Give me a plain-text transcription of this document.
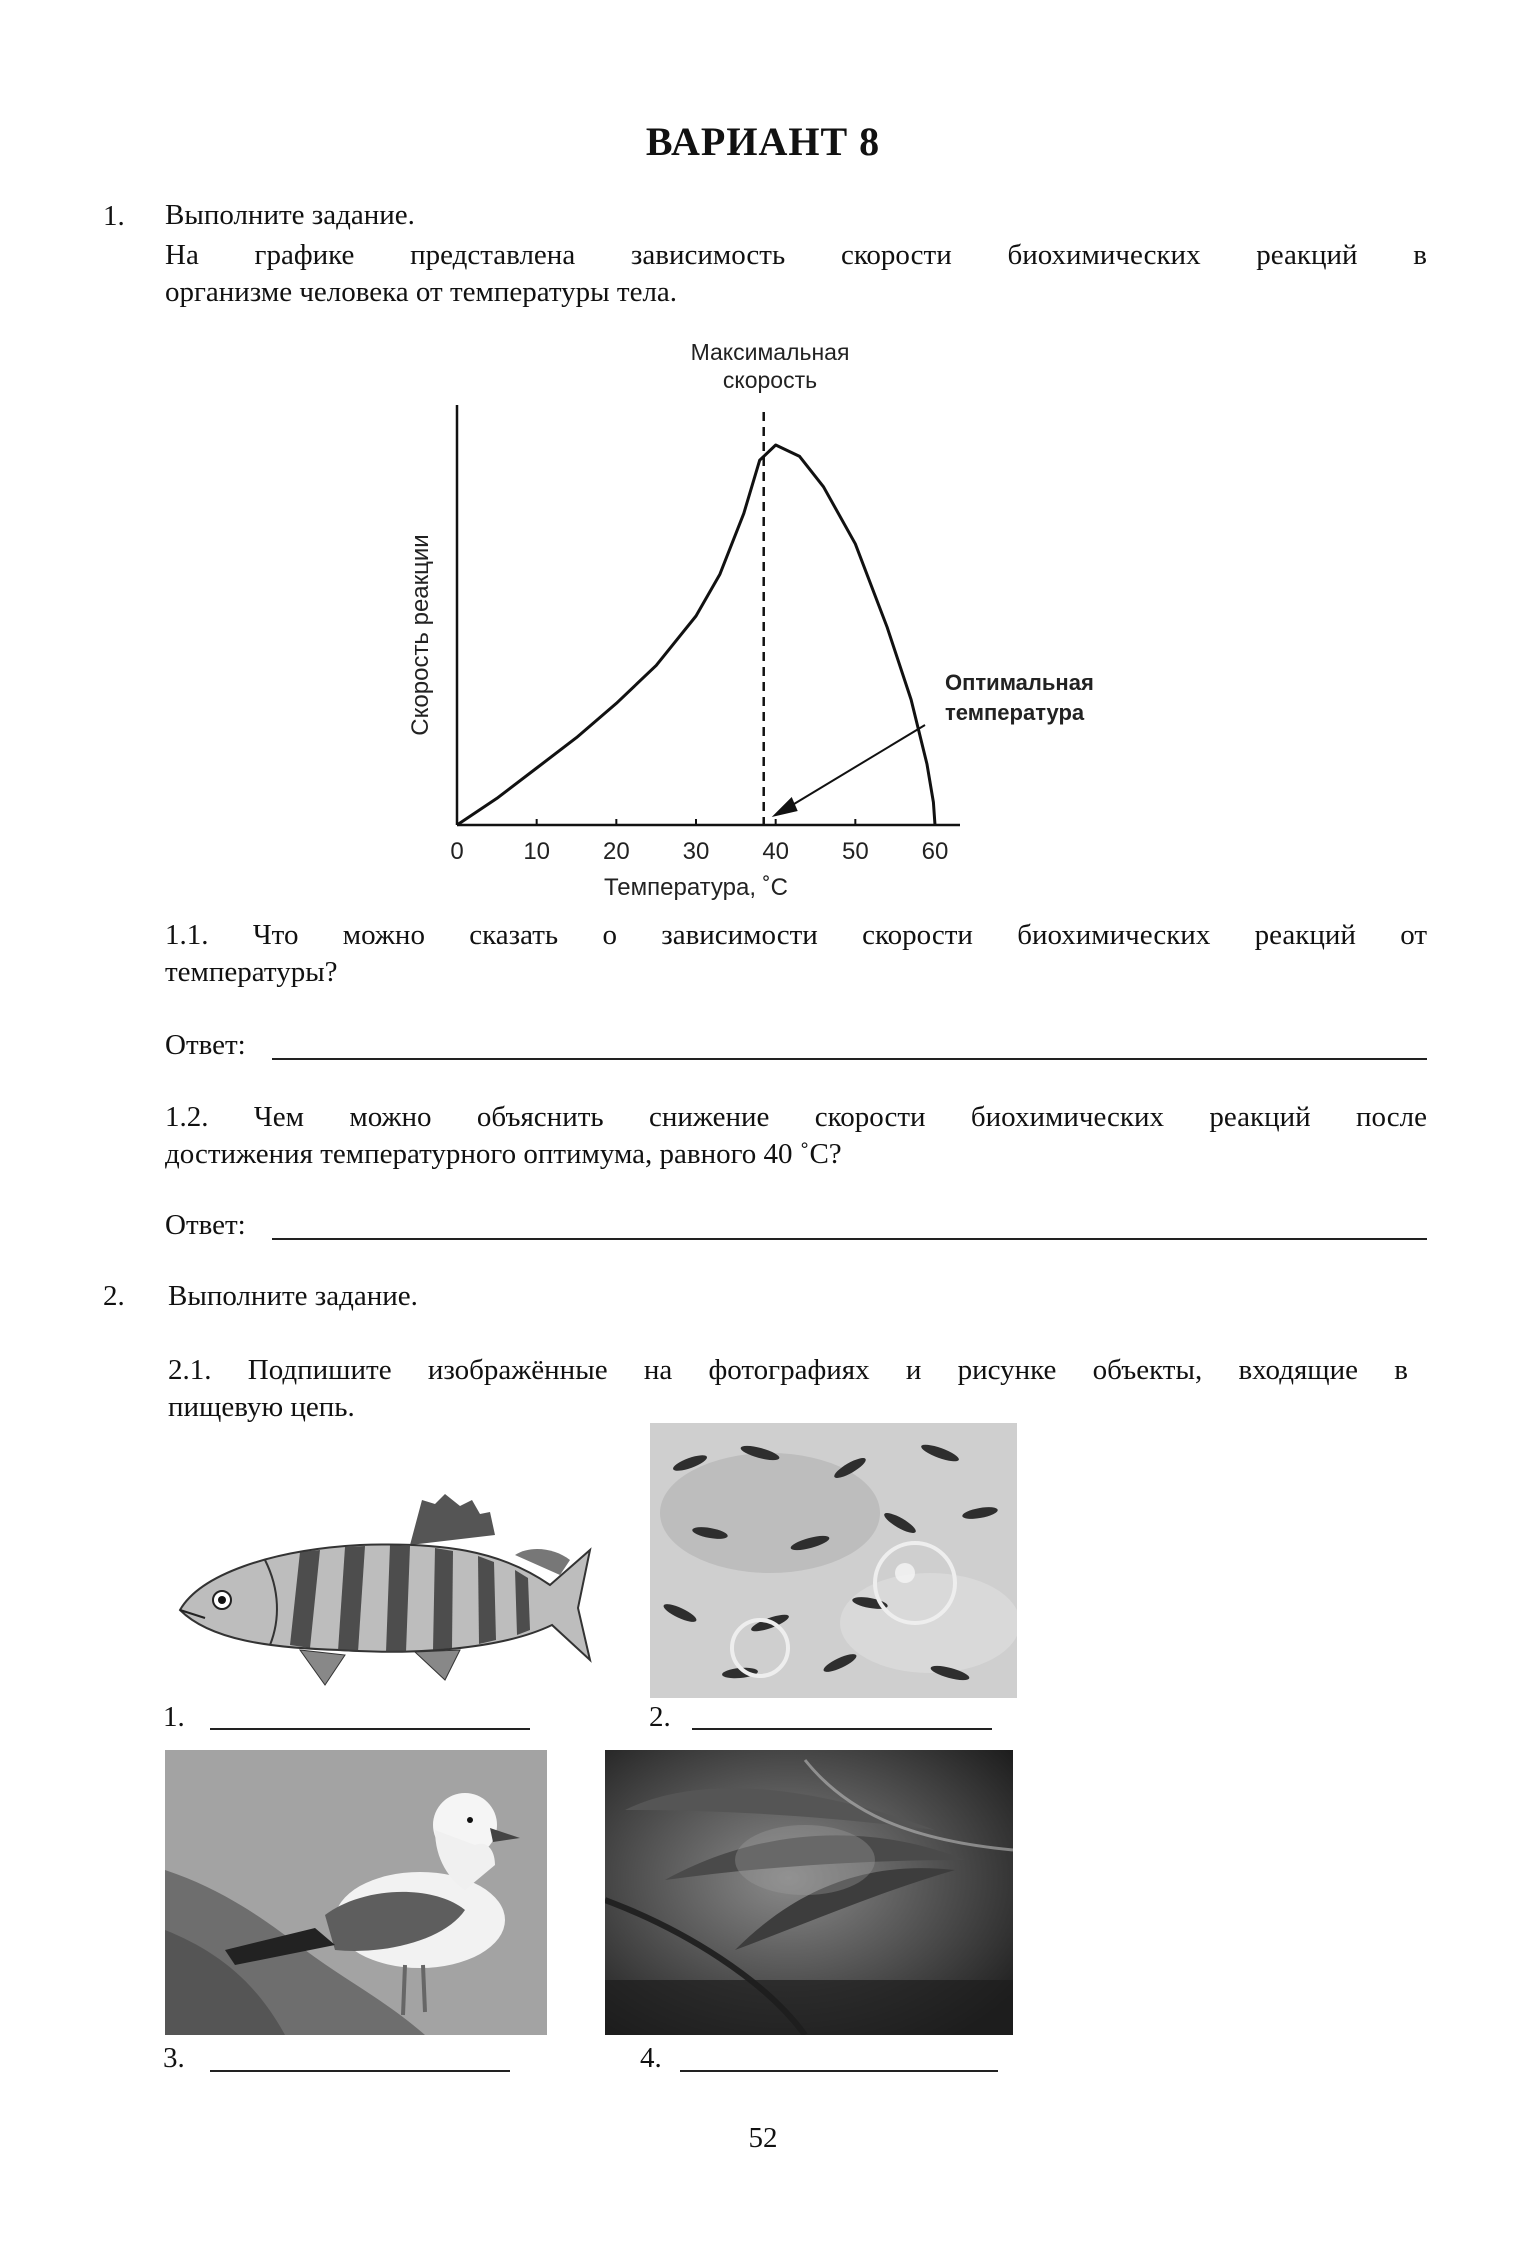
ВАРИАНТ 8
1. Выполните задание.
На графике представлена зависимость скорости биохимических реакций в
организме человека от температуры тела.
Максимальная
скорость
Оптимальная
температура
0 10 20 30 40 50 60
Скорость реакции
Температура, ˚С
1.1. Что можно сказать о зависимости скорости биохимических реакций от
температуры?
Ответ:
1.2. Чем можно объяснить снижение скорости биохимических реакций после
достижения температурного оптимума, равного 40 ˚С?
Ответ:
2. Выполните задание.
2.1. Подпишите изображённые на фотографиях и рисунке объекты, входящие в
пищевую цепь.
1.	2.
3.	4.
52
